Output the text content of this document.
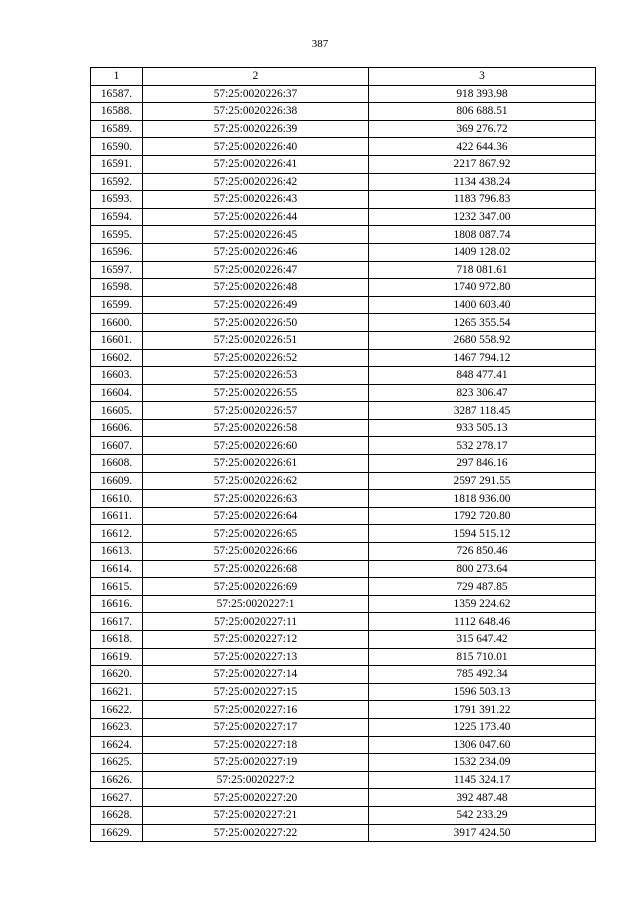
387
1	2	3
16587.	57:25:0020226:37	918 393.98
16588.	57:25:0020226:38	806 688.51
16589.	57:25:0020226:39	369 276.72
16590.	57:25:0020226:40	422 644.36
16591.	57:25:0020226:41	2217 867.92
16592.	57:25:0020226:42	1134 438.24
16593.	57:25:0020226:43	1183 796.83
16594.	57:25:0020226:44	1232 347.00
16595.	57:25:0020226:45	1808 087.74
16596.	57:25:0020226:46	1409 128.02
16597.	57:25:0020226:47	718 081.61
16598.	57:25:0020226:48	1740 972.80
16599.	57:25:0020226:49	1400 603.40
16600.	57:25:0020226:50	1265 355.54
16601.	57:25:0020226:51	2680 558.92
16602.	57:25:0020226:52	1467 794.12
16603.	57:25:0020226:53	848 477.41
16604.	57:25:0020226:55	823 306.47
16605.	57:25:0020226:57	3287 118.45
16606.	57:25:0020226:58	933 505.13
16607.	57:25:0020226:60	532 278.17
16608.	57:25:0020226:61	297 846.16
16609.	57:25:0020226:62	2597 291.55
16610.	57:25:0020226:63	1818 936.00
16611.	57:25:0020226:64	1792 720.80
16612.	57:25:0020226:65	1594 515.12
16613.	57:25:0020226:66	726 850.46
16614.	57:25:0020226:68	800 273.64
16615.	57:25:0020226:69	729 487.85
16616.	57:25:0020227:1	1359 224.62
16617.	57:25:0020227:11	1112 648.46
16618.	57:25:0020227:12	315 647.42
16619.	57:25:0020227:13	815 710.01
16620.	57:25:0020227:14	785 492.34
16621.	57:25:0020227:15	1596 503.13
16622.	57:25:0020227:16	1791 391.22
16623.	57:25:0020227:17	1225 173.40
16624.	57:25:0020227:18	1306 047.60
16625.	57:25:0020227:19	1532 234.09
16626.	57:25:0020227:2	1145 324.17
16627.	57:25:0020227:20	392 487.48
16628.	57:25:0020227:21	542 233.29
16629.	57:25:0020227:22	3917 424.50
